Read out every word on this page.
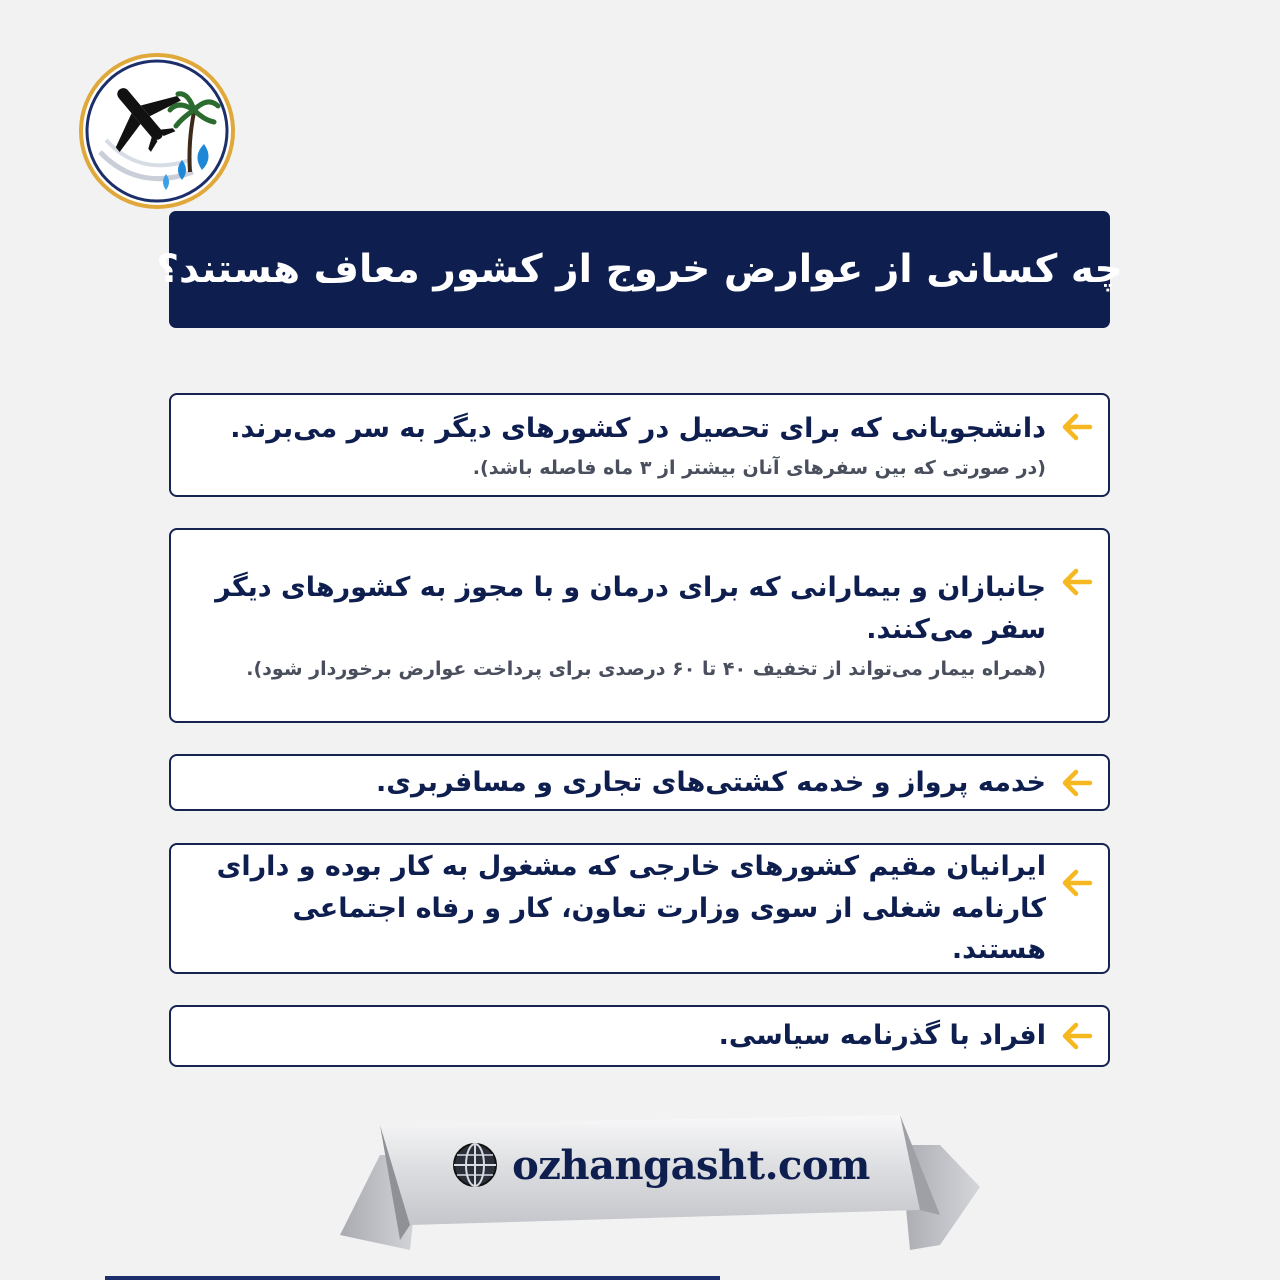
چه کسانی از عوارض خروج از کشور معاف هستند؟
دانشجویانی که برای تحصیل در کشورهای دیگر به سر می‌برند.
(در صورتی که بین سفرهای آنان بیشتر از ۳ ماه فاصله باشد).
جانبازان و بیمارانی که برای درمان و با مجوز به کشورهای دیگر سفر می‌کنند.
(همراه بیمار می‌تواند از تخفیف ۴۰ تا ۶۰ درصدی برای پرداخت عوارض برخوردار شود).
خدمه پرواز و خدمه کشتی‌های تجاری و مسافربری.
ایرانیان مقیم کشورهای خارجی که مشغول به کار بوده و دارای کارنامه شغلی از سوی وزارت تعاون، کار و رفاه اجتماعی هستند.
افراد با گذرنامه سیاسی.
ozhangasht.com
